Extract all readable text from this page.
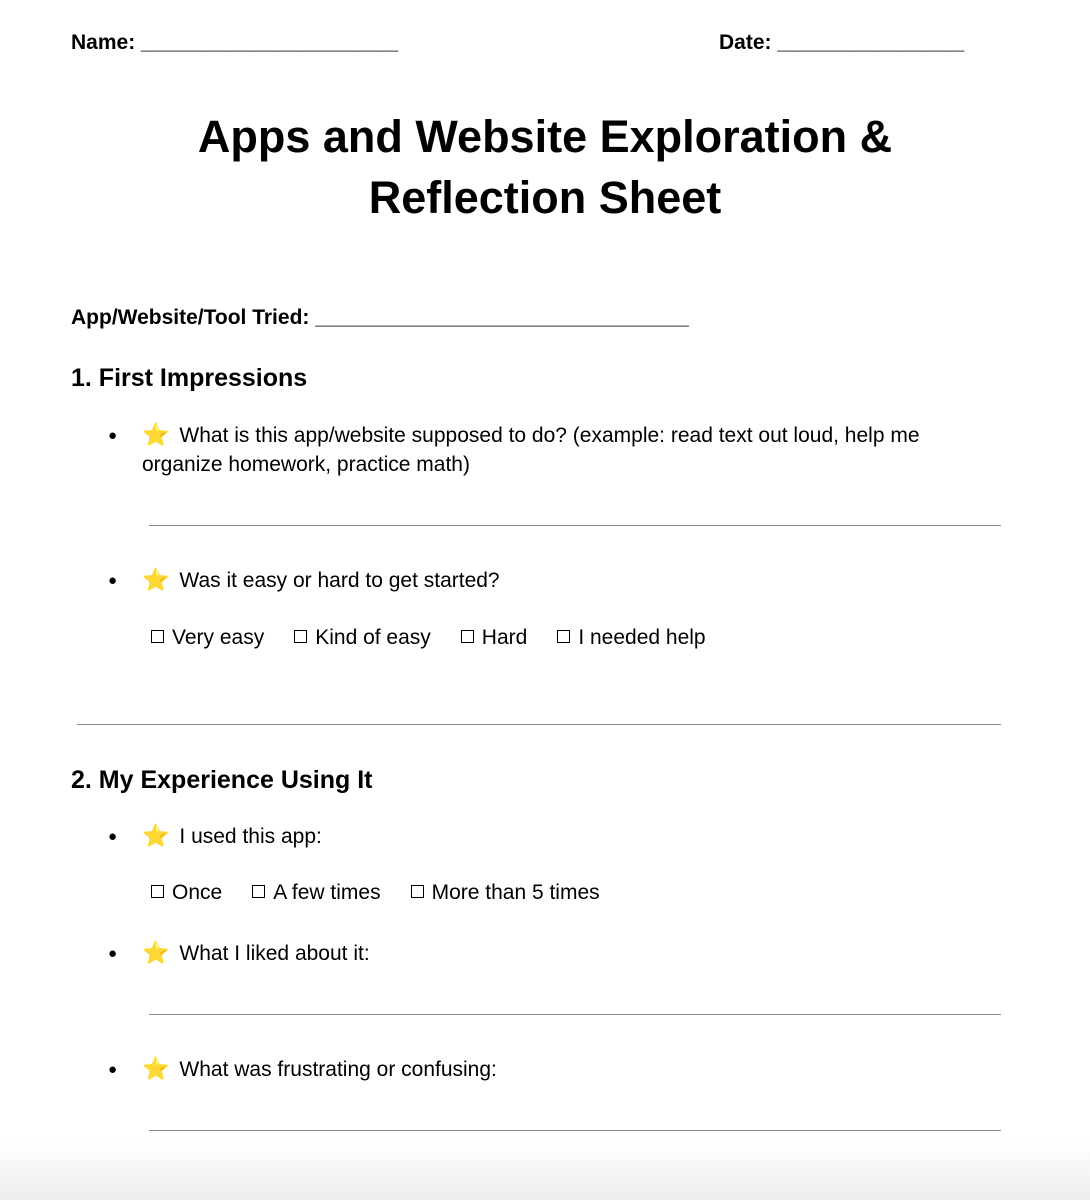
Name: ______________________	Date: ________________
Apps and Website Exploration &
Reflection Sheet
App/Website/Tool Tried: ________________________________
1. First Impressions
● ⭐ What is this app/website supposed to do? (example: read text out loud, help me organize homework, practice math)
● ⭐ Was it easy or hard to get started?
Very easy Kind of easy Hard I needed help
2. My Experience Using It
● ⭐ I used this app:
Once A few times More than 5 times
● ⭐ What I liked about it:
● ⭐ What was frustrating or confusing:
